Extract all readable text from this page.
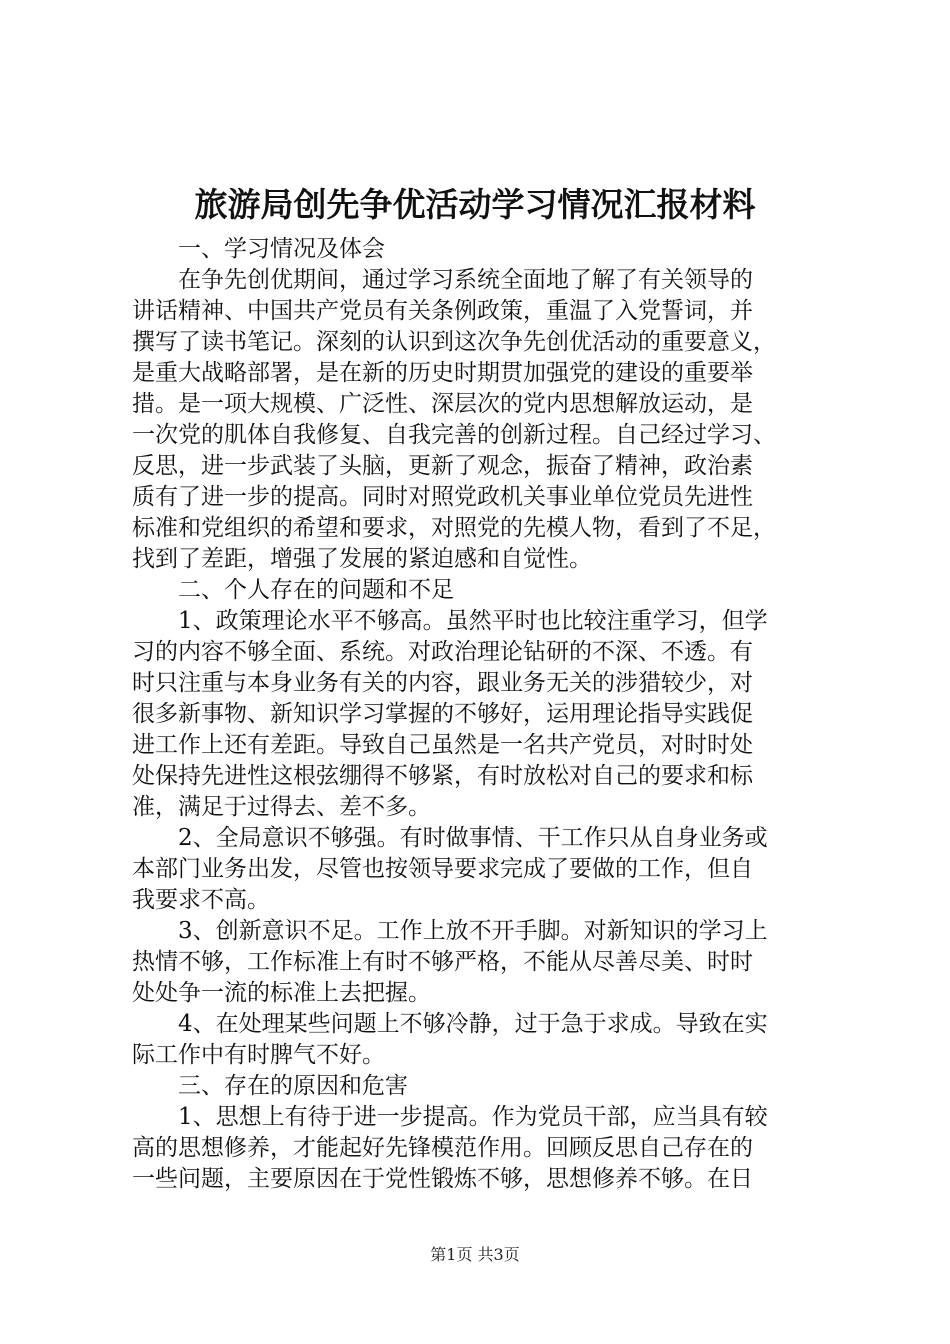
旅游局创先争优活动学习情况汇报材料
一、学习情况及体会
在争先创优期间，通过学习系统全面地了解了有关领导的
讲话精神、中国共产党员有关条例政策，重温了入党誓词，并
撰写了读书笔记。深刻的认识到这次争先创优活动的重要意义，
是重大战略部署，是在新的历史时期贯加强党的建设的重要举
措。是一项大规模、广泛性、深层次的党内思想解放运动，是
一次党的肌体自我修复、自我完善的创新过程。自己经过学习、
反思，进一步武装了头脑，更新了观念，振奋了精神，政治素
质有了进一步的提高。同时对照党政机关事业单位党员先进性
标准和党组织的希望和要求，对照党的先模人物，看到了不足，
找到了差距，增强了发展的紧迫感和自觉性。
二、个人存在的问题和不足
1、政策理论水平不够高。虽然平时也比较注重学习，但学
习的内容不够全面、系统。对政治理论钻研的不深、不透。有
时只注重与本身业务有关的内容，跟业务无关的涉猎较少，对
很多新事物、新知识学习掌握的不够好，运用理论指导实践促
进工作上还有差距。导致自己虽然是一名共产党员，对时时处
处保持先进性这根弦绷得不够紧，有时放松对自己的要求和标
准，满足于过得去、差不多。
2、全局意识不够强。有时做事情、干工作只从自身业务或
本部门业务出发，尽管也按领导要求完成了要做的工作，但自
我要求不高。
3、创新意识不足。工作上放不开手脚。对新知识的学习上
热情不够，工作标准上有时不够严格，不能从尽善尽美、时时
处处争一流的标准上去把握。
4、在处理某些问题上不够冷静，过于急于求成。导致在实
际工作中有时脾气不好。
三、存在的原因和危害
1、思想上有待于进一步提高。作为党员干部，应当具有较
高的思想修养，才能起好先锋模范作用。回顾反思自己存在的
一些问题，主要原因在于党性锻炼不够，思想修养不够。在日
第1页 共3页
